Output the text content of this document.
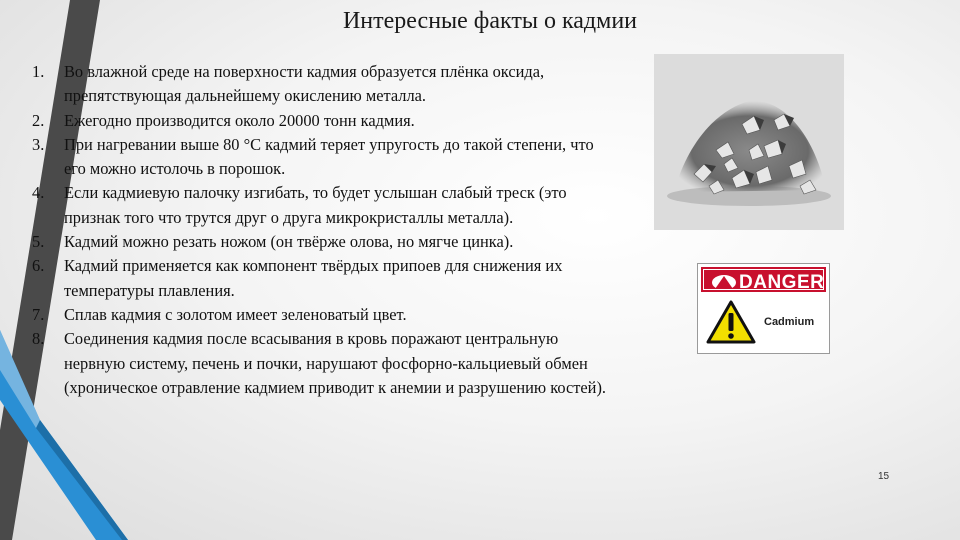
Интересные факты о кадмии
1. Во влажной среде на поверхности кадмия образуется плёнка оксида, препятствующая дальнейшему окислению металла.
2. Ежегодно производится около 20000 тонн кадмия.
3. При нагревании выше 80 °С кадмий теряет упругость до такой степени, что его можно истолочь в порошок.
4. Если кадмиевую палочку изгибать, то будет услышан слабый треск (это признак того что трутся друг о друга микрокристаллы металла).
5. Кадмий можно резать ножом (он твёрже олова, но мягче цинка).
6. Кадмий применяется как компонент твёрдых припоев для снижения их температуры плавления.
7. Сплав кадмия с золотом имеет зеленоватый цвет.
8. Соединения кадмия после всасывания в кровь поражают центральную нервную систему, печень и почки, нарушают фосфорно-кальциевый обмен (хроническое отравление кадмием приводит к анемии и разрушению костей).
DANGER
Cadmium
15
